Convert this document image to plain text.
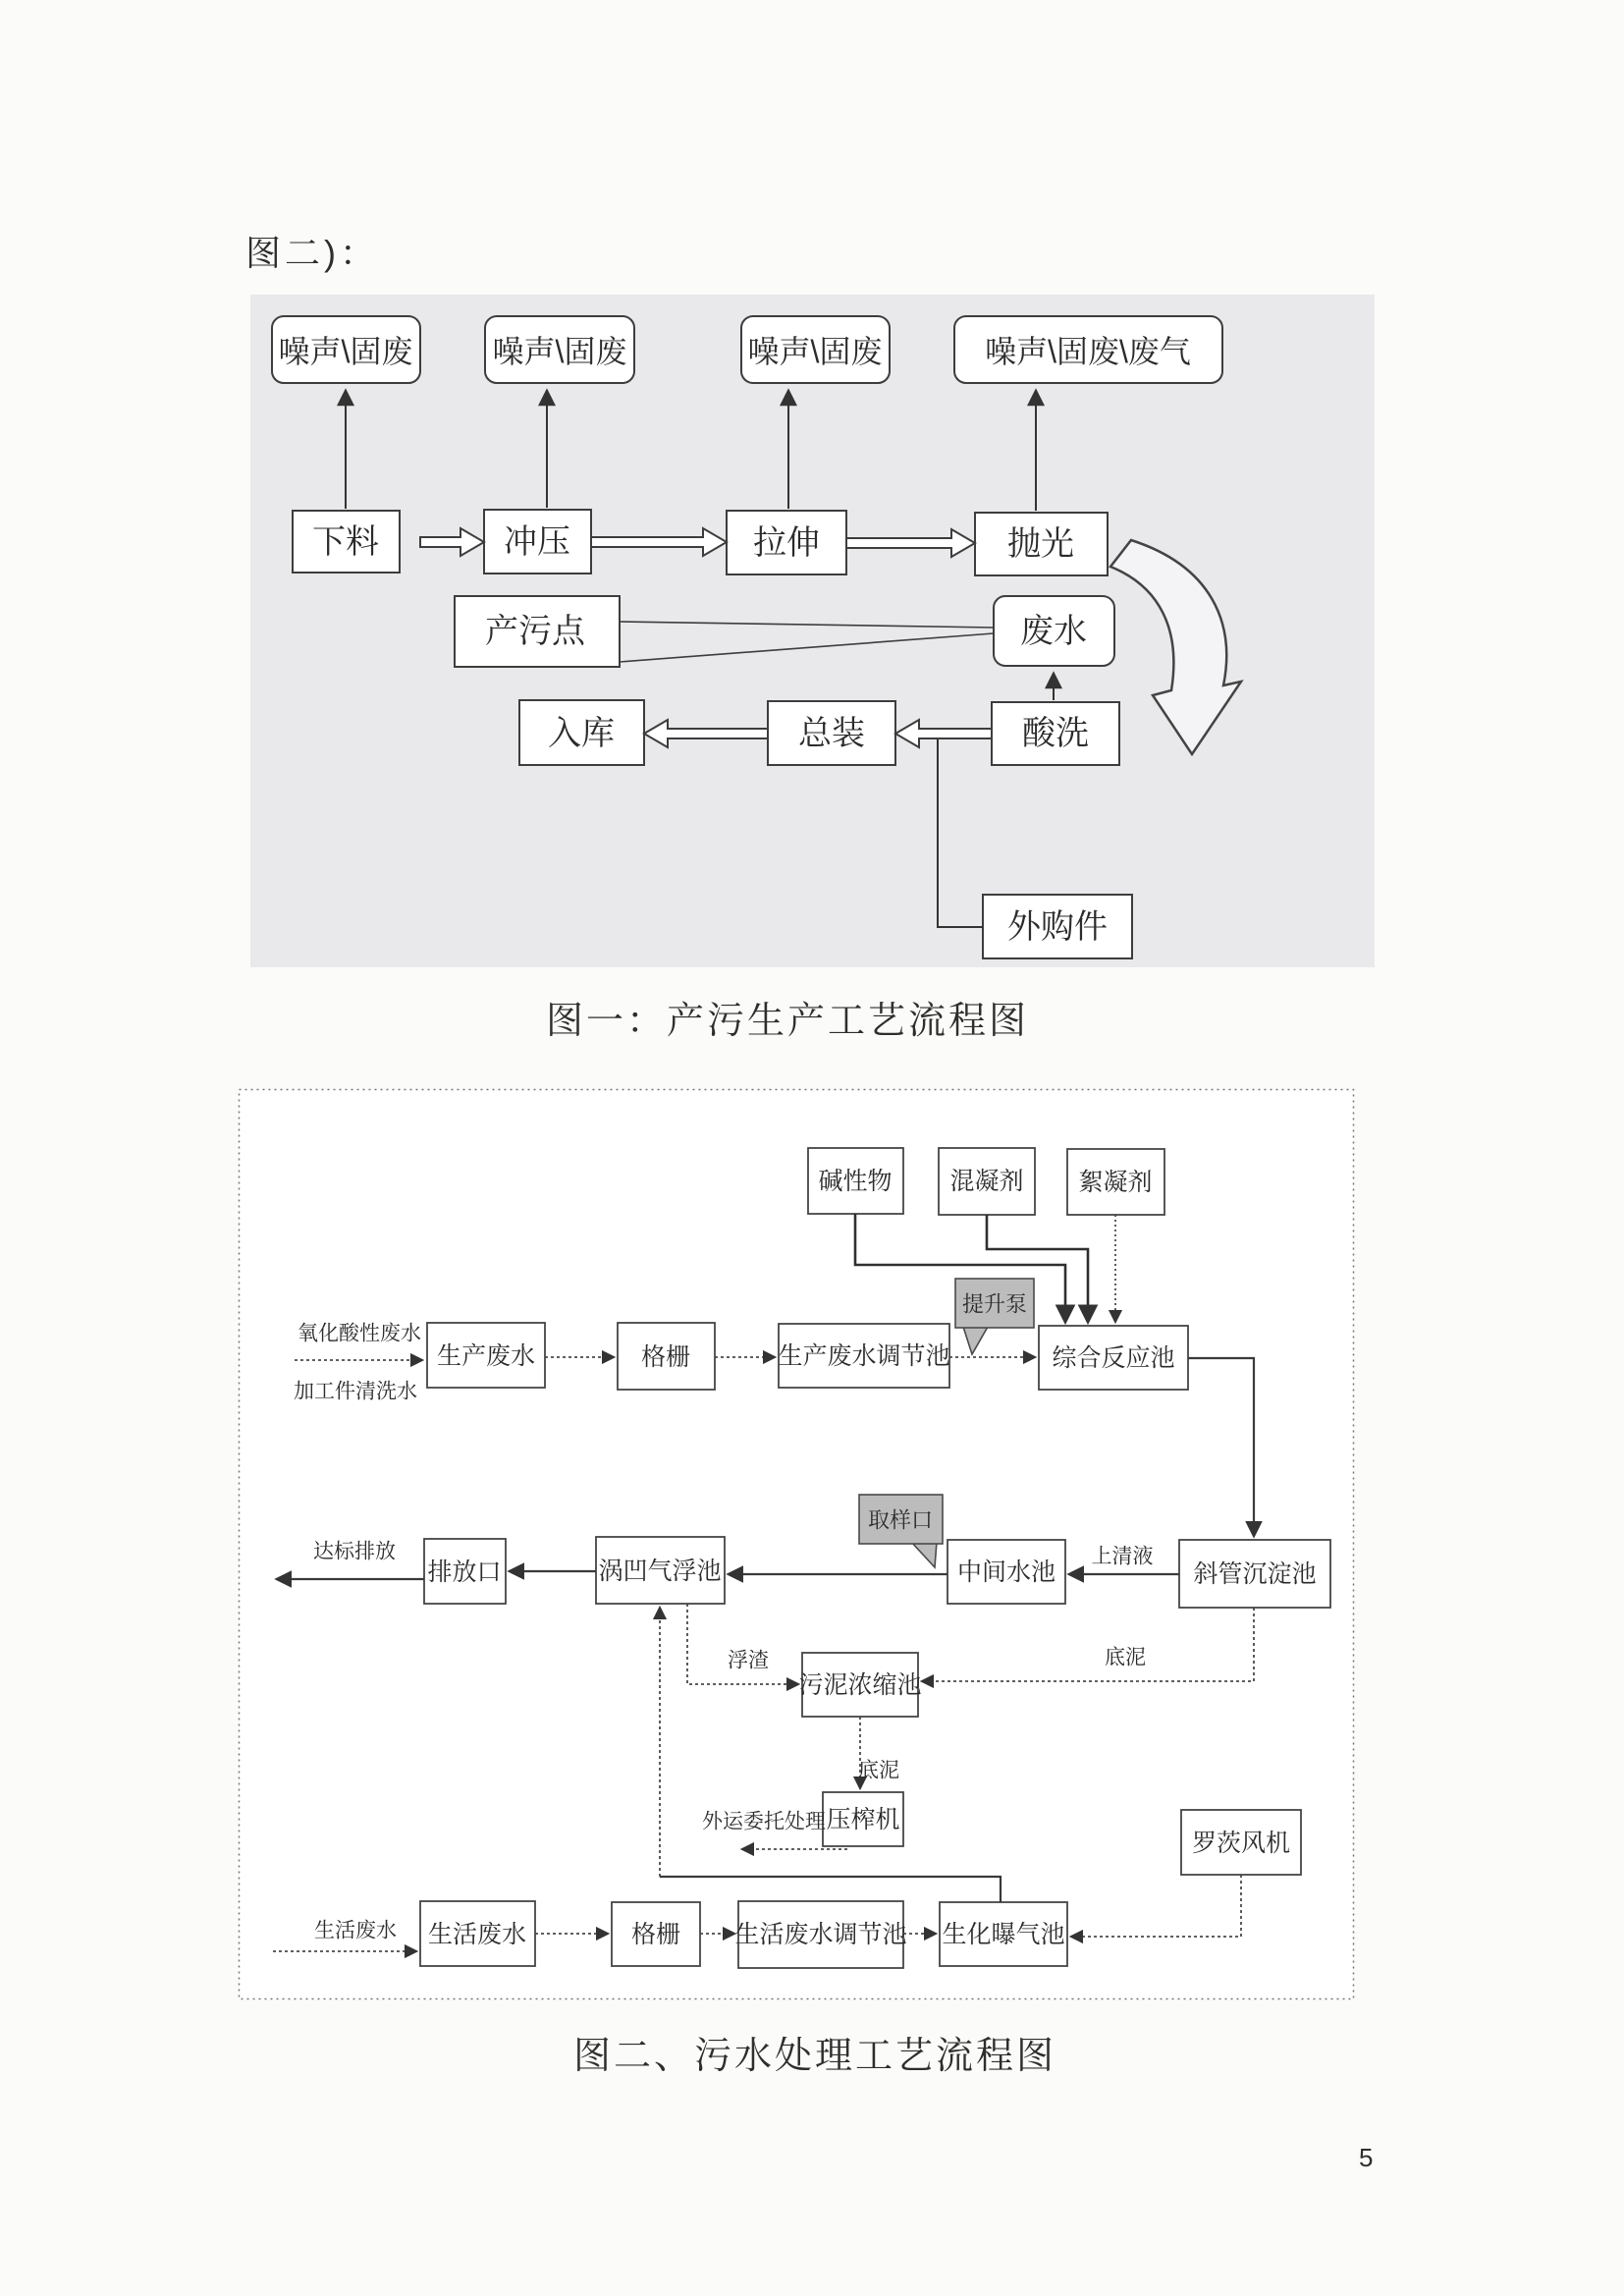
图二)：
噪声\固废	噪声\固废	噪声\固废	噪声\固废\废气
下料	冲压	拉伸	抛光
产污点	废水
入库	总装	酸洗
外购件
图一：产污生产工艺流程图
碱性物 混凝剂 絮凝剂
生产废水	格栅	生产废水调节池	综合反应池
提升泵
排放口	涡凹气浮池	中间水池	斜管沉淀池
取样口
污泥浓缩池
压榨机
罗茨风机
生活废水	格栅 生活废水调节池 生化曝气池
氧化酸性废水
加工件清洗水
达标排放	上清液
底泥
浮渣
底泥
外运委托处理
生活废水
图二、污水处理工艺流程图
5
